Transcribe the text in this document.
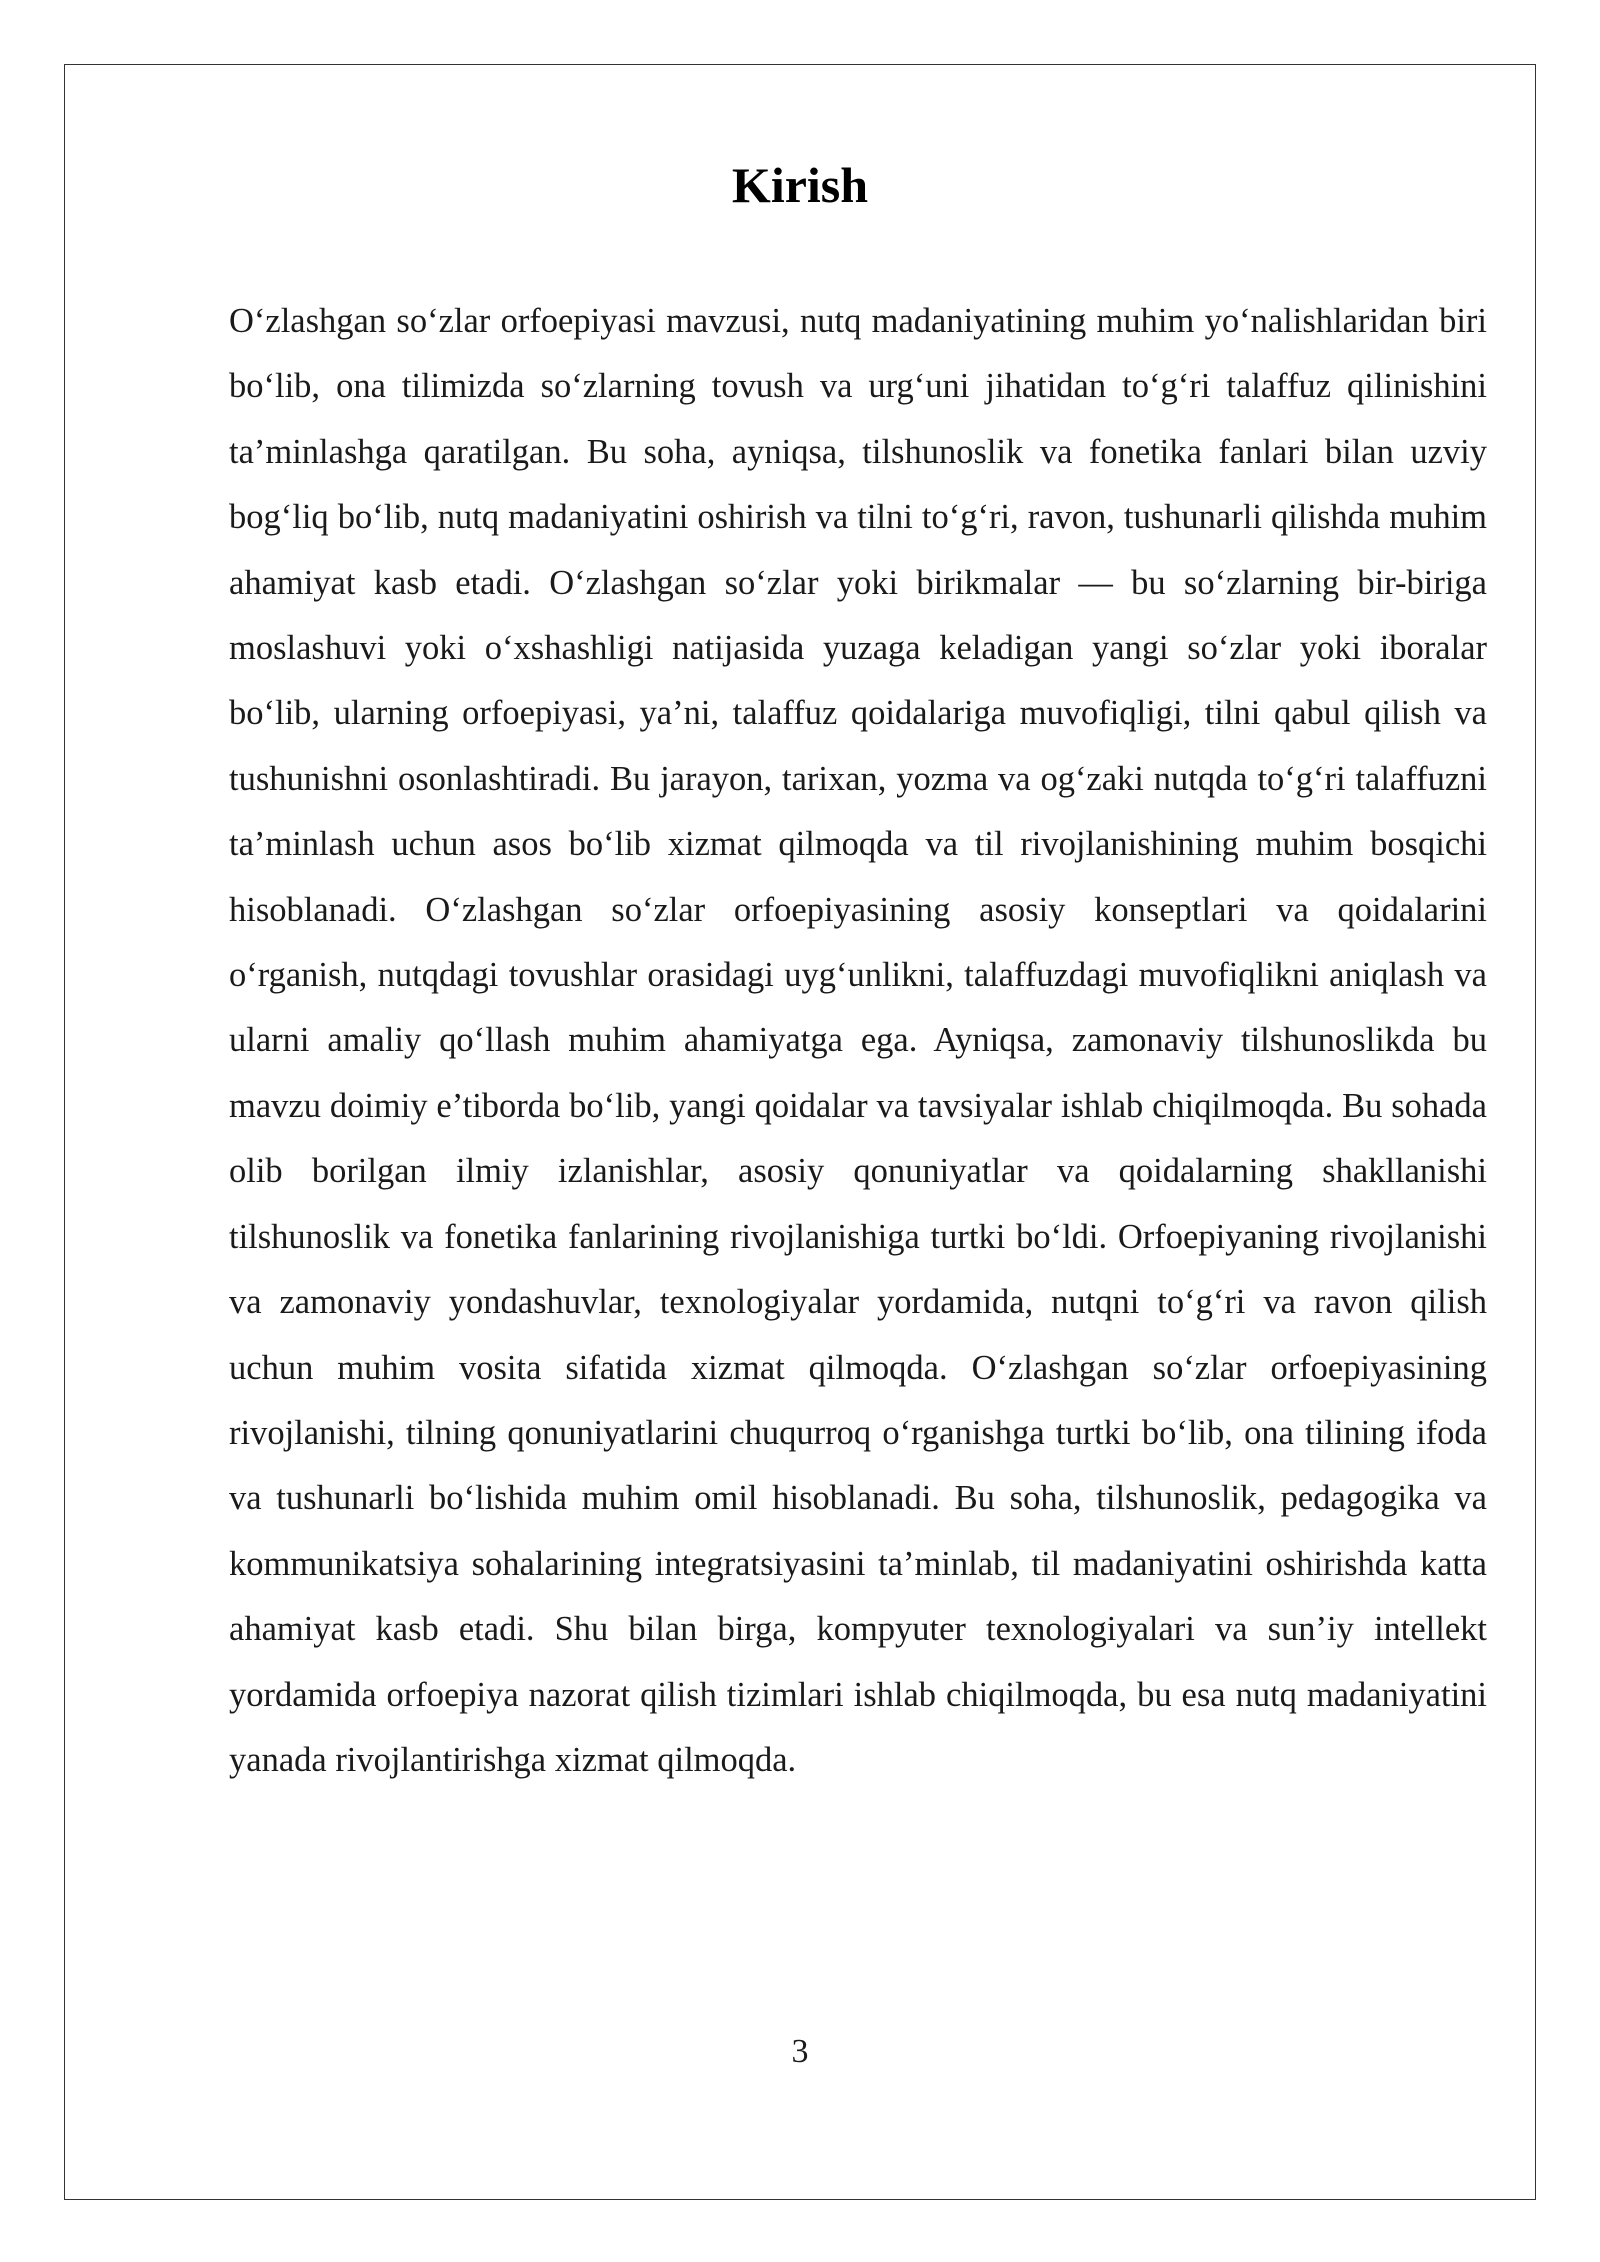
Kirish

O‘zlashgan so‘zlar orfoepiyasi mavzusi, nutq madaniyatining muhim yo‘nalishlaridan biri bo‘lib, ona tilimizda so‘zlarning tovush va urg‘uni jihatidan to‘g‘ri talaffuz qilinishini ta’minlashga qaratilgan. Bu soha, ayniqsa, tilshunoslik va fonetika fanlari bilan uzviy bog‘liq bo‘lib, nutq madaniyatini oshirish va tilni to‘g‘ri, ravon, tushunarli qilishda muhim ahamiyat kasb etadi. O‘zlashgan so‘zlar yoki birikmalar — bu so‘zlarning bir-biriga moslashuvi yoki o‘xshashligi natijasida yuzaga keladigan yangi so‘zlar yoki iboralar bo‘lib, ularning orfoepiyasi, ya’ni, talaffuz qoidalariga muvofiqligi, tilni qabul qilish va tushunishni osonlashtiradi. Bu jarayon, tarixan, yozma va og‘zaki nutqda to‘g‘ri talaffuzni ta’minlash uchun asos bo‘lib xizmat qilmoqda va til rivojlanishining muhim bosqichi hisoblanadi. O‘zlashgan so‘zlar orfoepiyasining asosiy konseptlari va qoidalarini o‘rganish, nutqdagi tovushlar orasidagi uyg‘unlikni, talaffuzdagi muvofiqlikni aniqlash va ularni amaliy qo‘llash muhim ahamiyatga ega. Ayniqsa, zamonaviy tilshunoslikda bu mavzu doimiy e’tiborda bo‘lib, yangi qoidalar va tavsiyalar ishlab chiqilmoqda. Bu sohada olib borilgan ilmiy izlanishlar, asosiy qonuniyatlar va qoidalarning shakllanishi tilshunoslik va fonetika fanlarining rivojlanishiga turtki bo‘ldi. Orfoepiyaning rivojlanishi va zamonaviy yondashuvlar, texnologiyalar yordamida, nutqni to‘g‘ri va ravon qilish uchun muhim vosita sifatida xizmat qilmoqda. O‘zlashgan so‘zlar orfoepiyasining rivojlanishi, tilning qonuniyatlarini chuqurroq o‘rganishga turtki bo‘lib, ona tilining ifoda va tushunarli bo‘lishida muhim omil hisoblanadi. Bu soha, tilshunoslik, pedagogika va kommunikatsiya sohalarining integratsiyasini ta’minlab, til madaniyatini oshirishda katta ahamiyat kasb etadi. Shu bilan birga, kompyuter texnologiyalari va sun’iy intellekt yordamida orfoepiya nazorat qilish tizimlari ishlab chiqilmoqda, bu esa nutq madaniyatini yanada rivojlantirishga xizmat qilmoqda.

3
